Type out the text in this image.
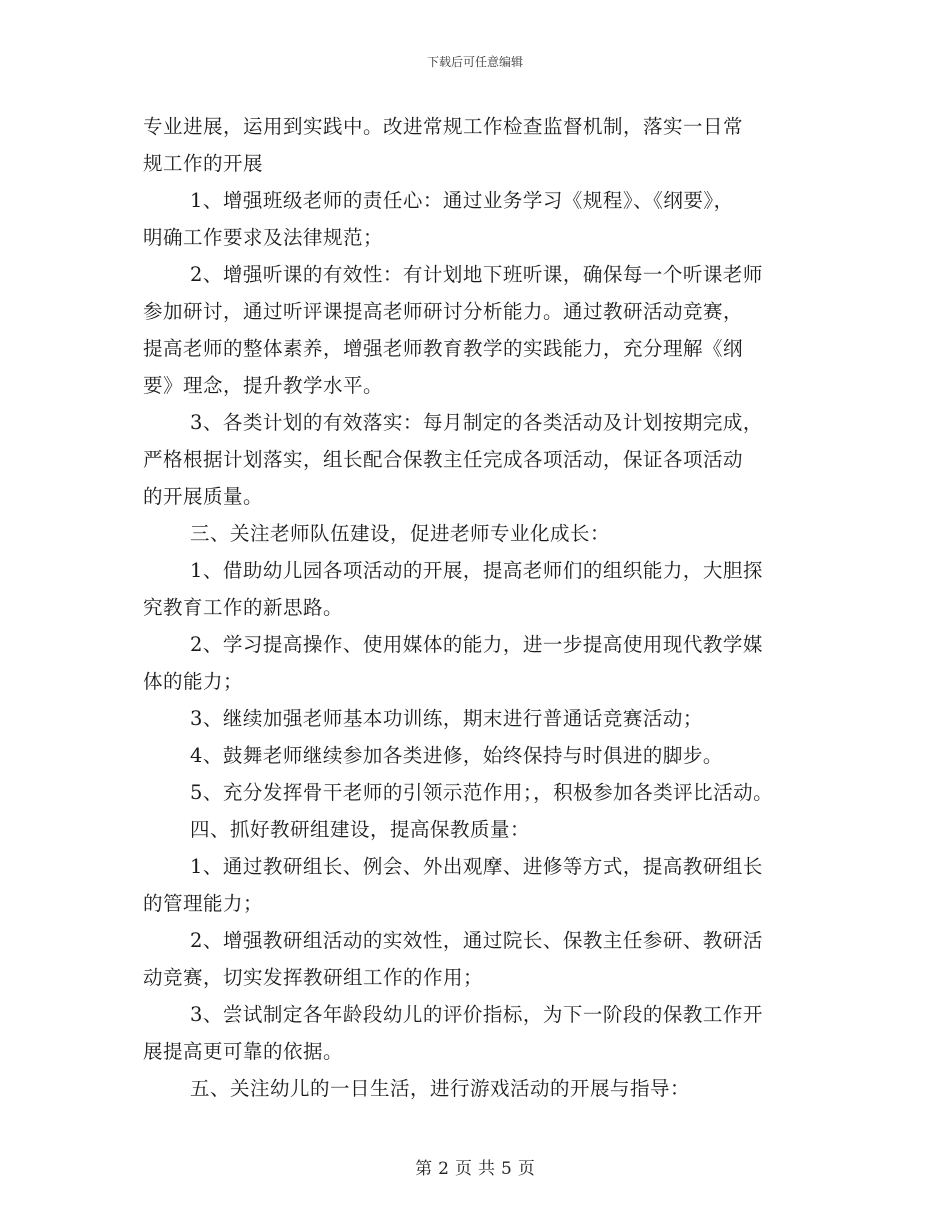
下载后可任意编辑
专业进展，运用到实践中。改进常规工作检查监督机制，落实一日常
规工作的开展
1、增强班级老师的责任心：通过业务学习《规程》、《纲要》，
明确工作要求及法律规范；
2、增强听课的有效性：有计划地下班听课，确保每一个听课老师
参加研讨，通过听评课提高老师研讨分析能力。通过教研活动竞赛，
提高老师的整体素养，增强老师教育教学的实践能力，充分理解《纲
要》理念，提升教学水平。
3、各类计划的有效落实：每月制定的各类活动及计划按期完成，
严格根据计划落实，组长配合保教主任完成各项活动，保证各项活动
的开展质量。
三、关注老师队伍建设，促进老师专业化成长：
1、借助幼儿园各项活动的开展，提高老师们的组织能力，大胆探
究教育工作的新思路。
2、学习提高操作、使用媒体的能力，进一步提高使用现代教学媒
体的能力；
3、继续加强老师基本功训练，期末进行普通话竞赛活动；
4、鼓舞老师继续参加各类进修，始终保持与时俱进的脚步。
5、充分发挥骨干老师的引领示范作用；，积极参加各类评比活动。
四、抓好教研组建设，提高保教质量：
1、通过教研组长、例会、外出观摩、进修等方式，提高教研组长
的管理能力；
2、增强教研组活动的实效性，通过院长、保教主任参研、教研活
动竞赛，切实发挥教研组工作的作用；
3、尝试制定各年龄段幼儿的评价指标，为下一阶段的保教工作开
展提高更可靠的依据。
五、关注幼儿的一日生活，进行游戏活动的开展与指导：
第 2 页 共 5 页
